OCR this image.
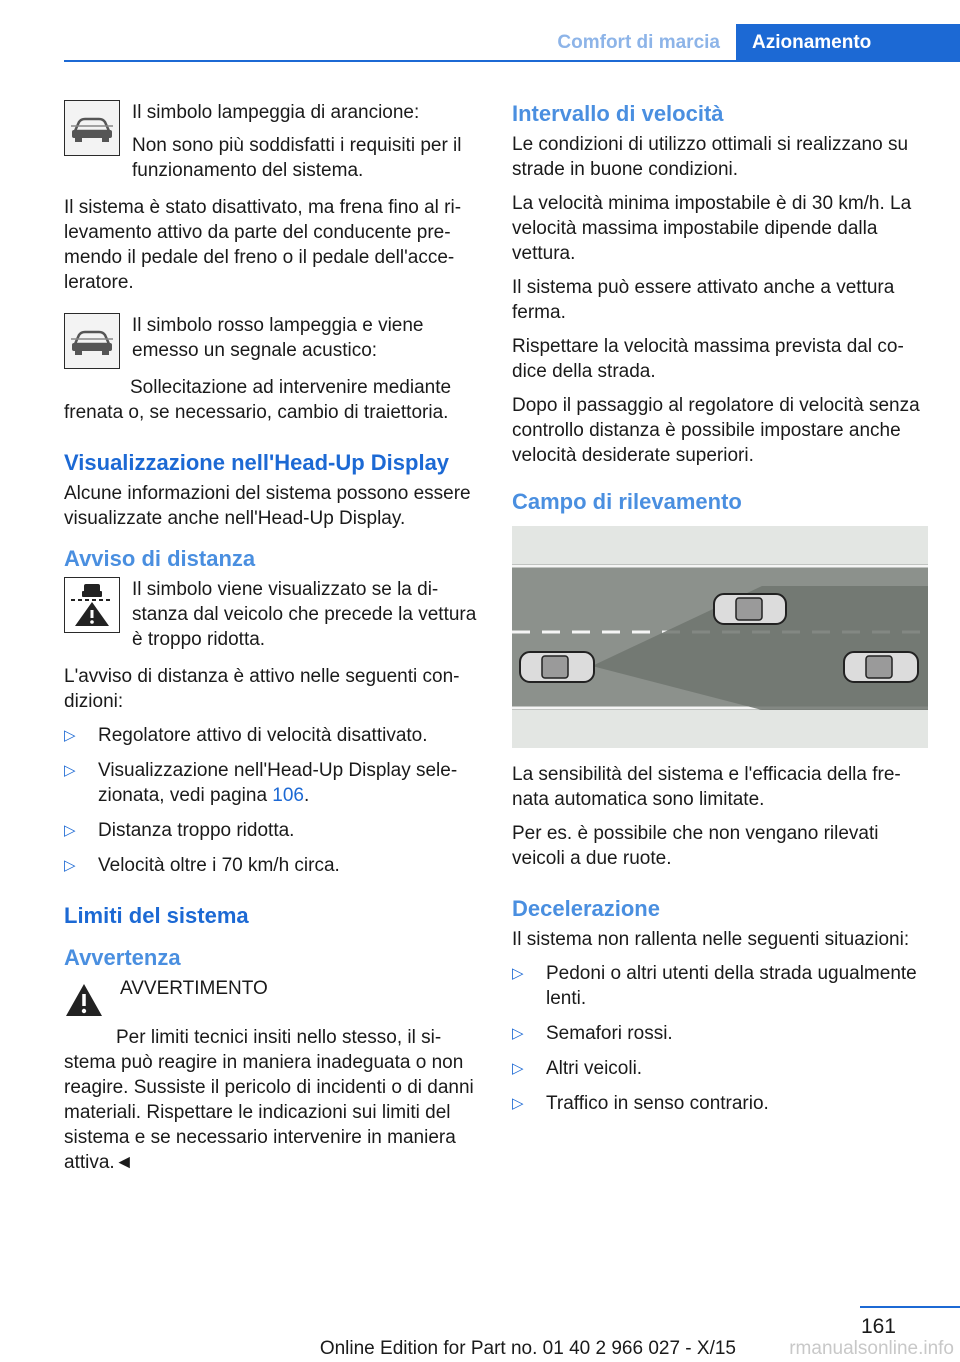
Comfort di marcia	Azionamento

Il simbolo lampeggia di arancione:

Non sono più soddisfatti i requisiti per il funzionamento del sistema.

Il sistema è stato disattivato, ma frena fino al rilevamento attivo da parte del conducente premendo il pedale del freno o il pedale dell'acceleratore.

Il simbolo rosso lampeggia e viene emesso un segnale acustico:

Sollecitazione ad intervenire mediante frenata o, se necessario, cambio di traiettoria.

Visualizzazione nell'Head-Up Display

Alcune informazioni del sistema possono essere visualizzate anche nell'Head-Up Display.

Avviso di distanza

Il simbolo viene visualizzato se la distanza dal veicolo che precede la vettura è troppo ridotta.

L'avviso di distanza è attivo nelle seguenti condizioni:

▷ Regolatore attivo di velocità disattivato.
▷ Visualizzazione nell'Head-Up Display selezionata, vedi pagina 106.
▷ Distanza troppo ridotta.
▷ Velocità oltre i 70 km/h circa.
Limiti del sistema
Avvertenza

AVVERTIMENTO

Per limiti tecnici insiti nello stesso, il sistema può reagire in maniera inadeguata o non reagire. Sussiste il pericolo di incidenti o di danni materiali. Rispettare le indicazioni sui limiti del sistema e se necessario intervenire in maniera attiva.◄

Intervallo di velocità

Le condizioni di utilizzo ottimali si realizzano su strade in buone condizioni.

La velocità minima impostabile è di 30 km/h. La velocità massima impostabile dipende dalla vettura.

Il sistema può essere attivato anche a vettura ferma.

Rispettare la velocità massima prevista dal codice della strada.

Dopo il passaggio al regolatore di velocità senza controllo distanza è possibile impostare anche velocità desiderate superiori.

Campo di rilevamento

La sensibilità del sistema e l'efficacia della frenata automatica sono limitate.

Per es. è possibile che non vengano rilevati veicoli a due ruote.

Decelerazione

Il sistema non rallenta nelle seguenti situazioni:

▷ Pedoni o altri utenti della strada ugualmente lenti.
▷ Semafori rossi.
▷ Altri veicoli.
▷ Traffico in senso contrario.
161
Online Edition for Part no. 01 40 2 966 027 - X/15	rmanualsonline.info
